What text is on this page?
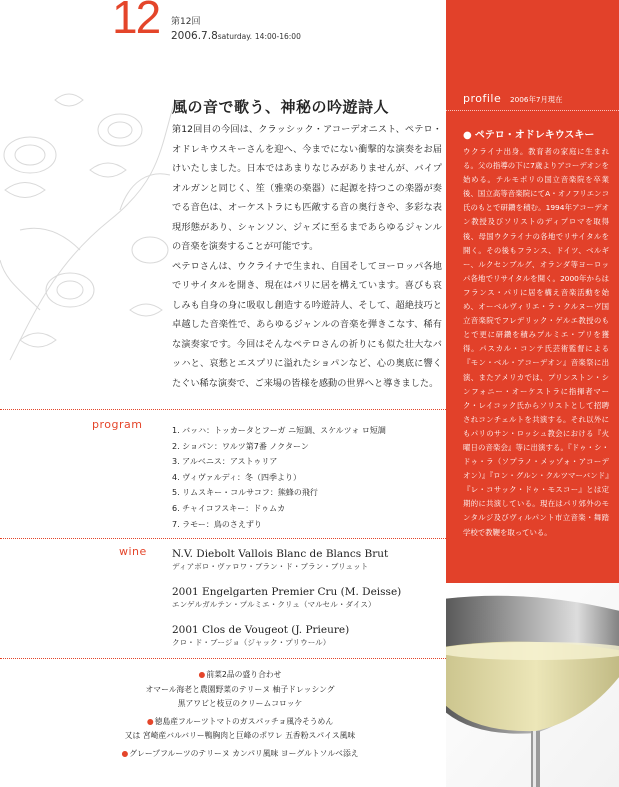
12 第12回
2006.7.8saturday. 14:00-16:00
風の音で歌う、神秘の吟遊詩人

第12回目の今回は、クラッシック・アコーデオニスト、ペテロ・オドレキウスキーさんを迎へ、今までにない衝撃的な演奏をお届けいたしました。日本ではあまりなじみがありませんが、バイプオルガンと同じく、笙（雅楽の楽器）に起源を持つこの楽器が奏でる音色は、オーケストラにも匹敵する音の奥行きや、多彩な表現形態があり、シャンソン、ジャズに至るまであらゆるジャンルの音楽を演奏することが可能です。

ペテロさんは、ウクライナで生まれ、自国そしてヨーロッパ各地でリサイタルを開き、現在はパリに居を構えています。喜びも哀しみも自身の身に吸収し創造する吟遊詩人、そして、超絶技巧と卓越した音楽性で、あらゆるジャンルの音楽を弾きこなす、稀有な演奏家です。今回はそんなペテロさんの祈りにも似た壮大なバッハと、哀愁とエスプリに溢れたショパンなど、心の奥底に響くたぐい稀な演奏で、ご来場の皆様を感動の世界へと導きました。

program	1. バッハ：トッカータとフーガ ニ短調、スケルツォ ロ短調
2. ショパン：ワルツ第7番 ノクターン
3. アルベニス：アストゥリア
4. ヴィヴァルディ：冬（四季より）
5. リムスキー・コルサコフ：熊蜂の飛行
6. チャイコフスキー：ドゥムカ
7. ラモー：鳥のさえずり
wine N.V. Diebolt Vallois Blanc de Blancs Brut
ディアボロ・ヴァロワ・ブラン・ド・ブラン・ブリュット
2001 Engelgarten Premier Cru (M. Deisse)
エンゲルガルテン・プルミエ・クリュ（マルセル・ダイス）
2001 Clos de Vougeot (J. Prieure)
クロ・ド・ブージョ（ジャック・プリウール）
● 前菜2品の盛り合わせ
オマール海老と農園野菜のテリーヌ 柚子ドレッシング
黒アワビと枝豆のクリームコロッケ
● 徳島産フルーツトマトのガスパッチョ風冷そうめん
又は 宮崎産バルバリー鴨胸肉と巨峰のポワレ 五香粉スパイス風味
● グレープフルーツのテリーヌ カンパリ風味 ヨーグルトソルベ添え
profile 2006年7月現在
● ペテロ・オドレキウスキー
ウクライナ出身。教育者の家庭に生まれる。父の指導の下に7歳よりアコーデオンを始める。テルモポリの国立音楽院を卒業後、国立高等音楽院にてA・オノフリエンコ氏のもとで研鑽を積む。1994年アコーデオン教授及びソリストのディプロマを取得後、母国ウクライナの各地でリサイタルを開く。その後もフランス、ドイツ、ベルギー、ルクセンブルグ、オランダ等ヨーロッパ各地でリサイタルを開く。2000年からはフランス・パリに居を構え音楽活動を始め、オーベルヴィリエ・ラ・クルヌーヴ国立音楽院でフレデリック・ゲルエ教授のもとで更に研鑽を積みプルミエ・プリを獲得。パスカル・コンテ氏芸術監督による『モン・ベル・アコーデオン』音楽祭に出演、またアメリカでは、プリンストン・シンフォニー・オーケストラに指揮者マーク・レイコック氏からソリストとして招聘されコンチェルトを共演する。それ以外にもパリのサン・ロッシュ教会における『火曜日の音楽会』等に出演する。『ドゥ・シ・ドゥ・ラ（ソプラノ・メッゾォ・アコーデオン）』『ロン・グルン・クルツマーバンド』『レ・コサック・ドゥ・モスコー』とは定期的に共演している。現在はパリ郊外のモンタルジ及びヴィルパント市立音楽・舞踏学校で教鞭を取っている。
